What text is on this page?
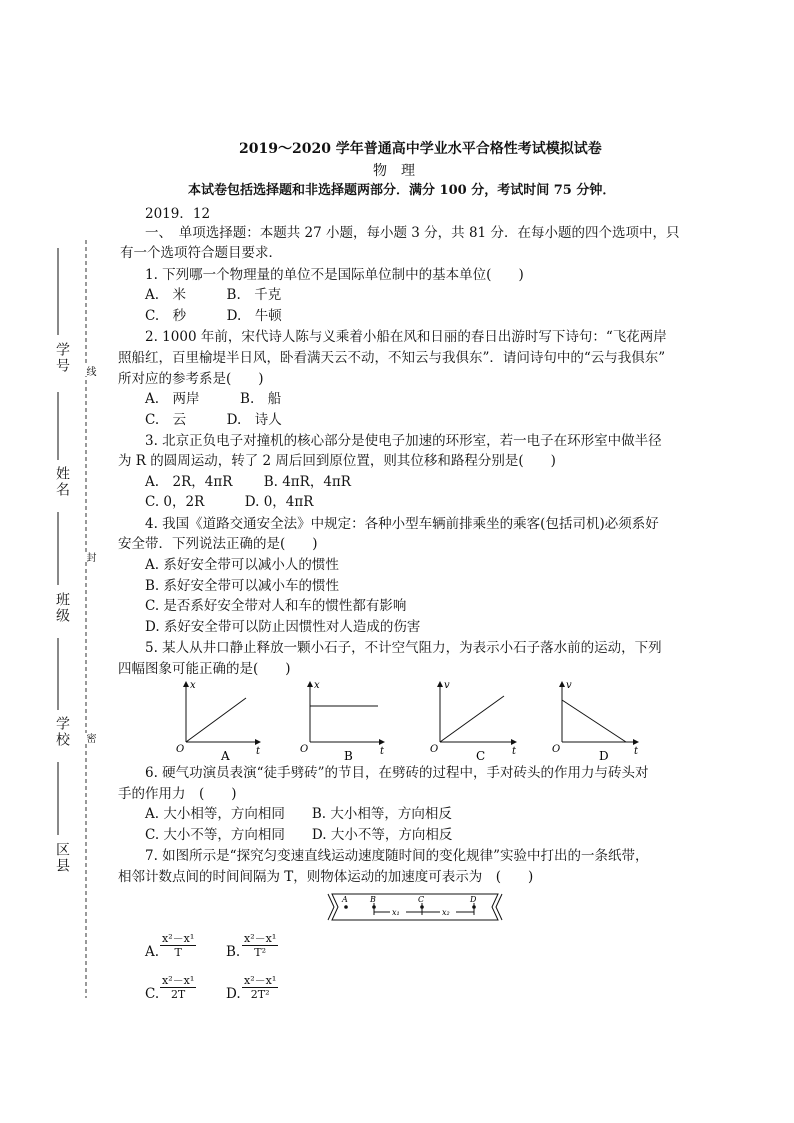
学号
姓名
班级
学校
区县
线
封
密
2019～2020 学年普通高中学业水平合格性考试模拟试卷
物　理
本试卷包括选择题和非选择题两部分．满分 100 分，考试时间 75 分钟．
2019．12
一、　单项选择题：本题共 27 小题，每小题 3 分，共 81 分．在每小题的四个选项中，只
有一个选项符合题目要求．
1. 下列哪一个物理量的单位不是国际单位制中的基本单位(　　)
A.　米　　　B.　千克
C.　秒　　　D.　牛顿
2. 1000 年前，宋代诗人陈与义乘着小船在风和日丽的春日出游时写下诗句：“飞花两岸
照船红，百里榆堤半日风，卧看满天云不动，不知云与我俱东”．请问诗句中的“云与我俱东”
所对应的参考系是(　　)
A.　两岸　　　B.　船
C.　云　　　D.　诗人
3. 北京正负电子对撞机的核心部分是使电子加速的环形室，若一电子在环形室中做半径
为 R 的圆周运动，转了 2 周后回到原位置，则其位移和路程分别是(　　)
A.　2R，4πR　　 B. 4πR，4πR
C. 0，2R　　　D. 0，4πR
4. 我国《道路交通安全法》中规定：各种小型车辆前排乘坐的乘客(包括司机)必须系好
安全带．下列说法正确的是(　　)
A. 系好安全带可以减小人的惯性
B. 系好安全带可以减小车的惯性
C. 是否系好安全带对人和车的惯性都有影响
D. 系好安全带可以防止因惯性对人造成的伤害
5. 某人从井口静止释放一颗小石子，不计空气阻力，为表示小石子落水前的运动，下列
四幅图象可能正确的是(　　)
x
t
O	A
x
t
O	B
v
t
O	C
v
t
O	D
6. 硬气功演员表演“徒手劈砖”的节目，在劈砖的过程中，手对砖头的作用力与砖头对
手的作用力　(　　)
A. 大小相等，方向相同　　B. 大小相等，方向相反
C. 大小不等，方向相同　　D. 大小不等，方向相反
7. 如图所示是“探究匀变速直线运动速度随时间的变化规律”实验中打出的一条纸带，
相邻计数点间的时间间隔为 T，则物体运动的加速度可表示为　(　　)
A	B	C	D
x₁	x₂
A. $\frac{\text{x²－x¹}}{T} B$. $\frac{\text{x²－x¹}}{\text{T²}}$
C. $\frac{\text{x²－x¹}}{2T} D$. $\frac{\text{x²－x¹}}{\text{2T²}}$
